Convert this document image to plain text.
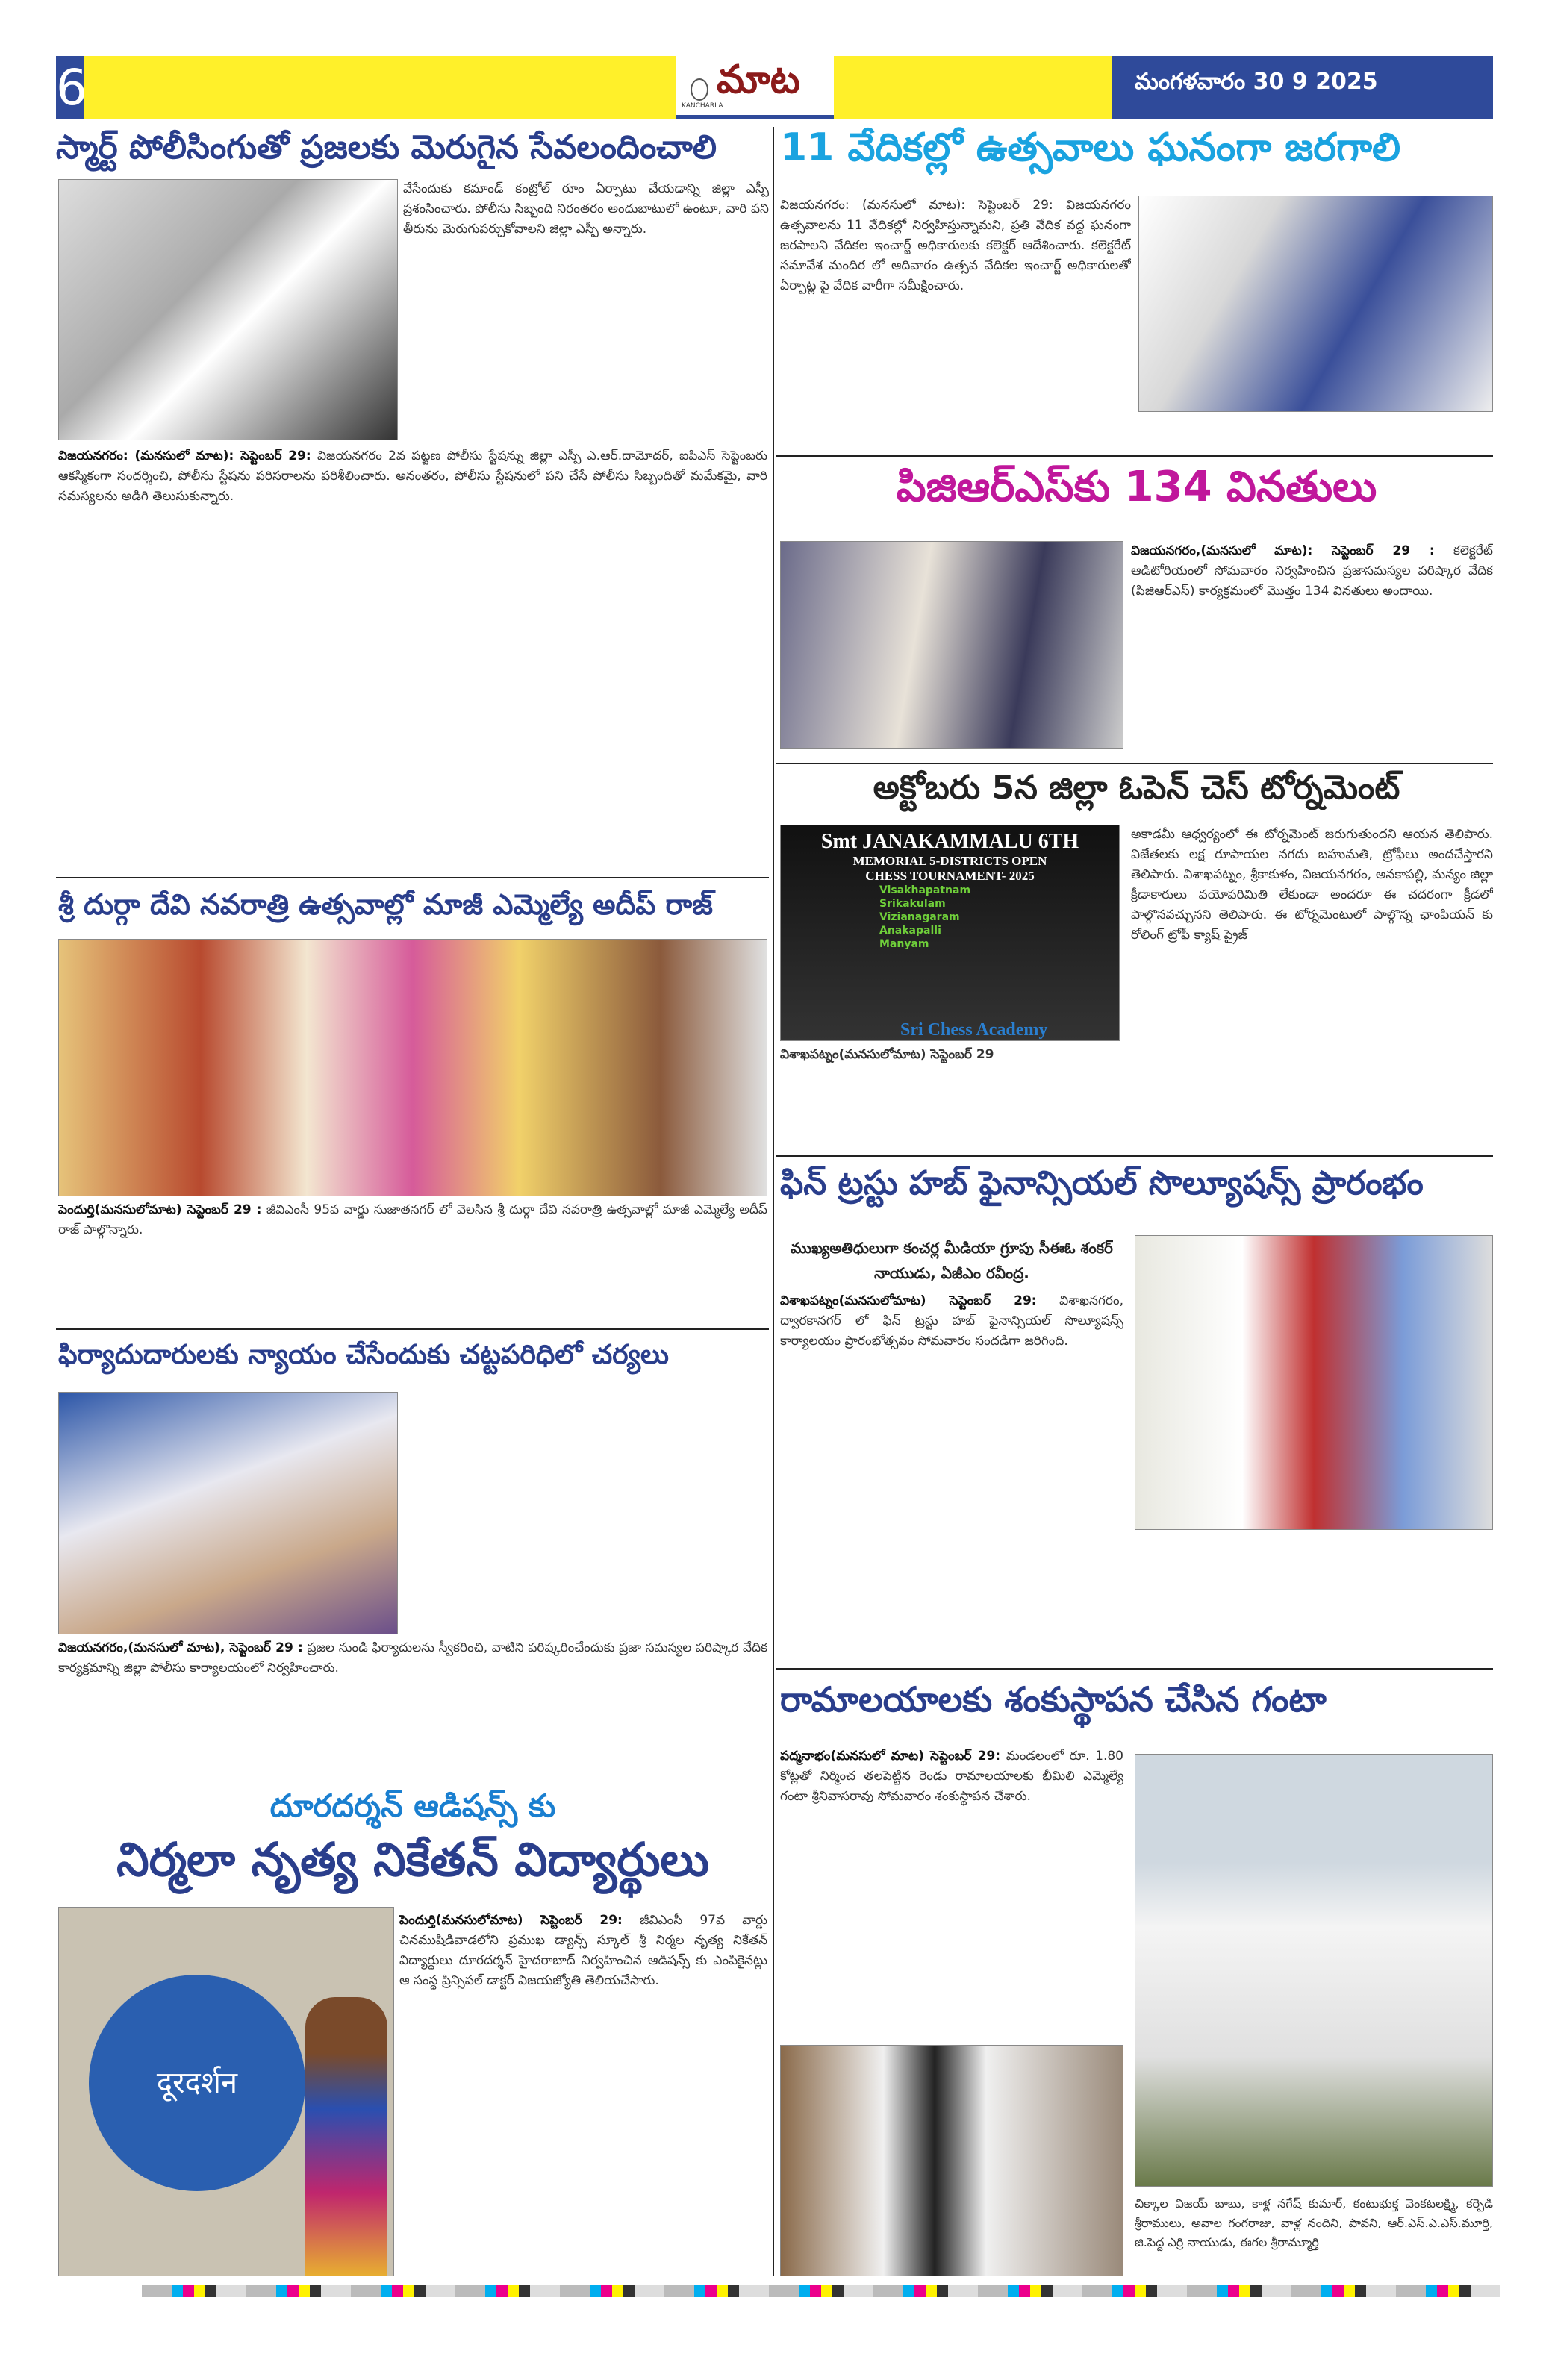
6	మాట
KANCHARLA
మంగళవారం 30 9 2025
స్మార్ట్ పోలీసింగుతో ప్రజలకు మెరుగైన సేవలందించాలి
వేసేందుకు కమాండ్ కంట్రోల్ రూం ఏర్పాటు చేయడాన్ని జిల్లా ఎస్పీ ప్రశంసించారు. పోలీసు సిబ్బంది నిరంతరం అందుబాటులో ఉంటూ, వారి పని తీరును మెరుగుపర్చుకోవాలని జిల్లా ఎస్పీ అన్నారు.
విజయనగరం: (మనసులో మాట): సెప్టెంబర్ 29: విజయనగరం 2వ పట్టణ పోలీసు స్టేషన్ను జిల్లా ఎస్పీ ఎ.ఆర్.దామోదర్, ఐపిఎస్ సెప్టెంబరు ఆకస్మికంగా సందర్శించి, పోలీసు స్టేషను పరిసరాలను పరిశీలించారు. అనంతరం, పోలీసు స్టేషనులో పని చేసే పోలీసు సిబ్బందితో మమేకమై, వారి సమస్యలను అడిగి తెలుసుకున్నారు.
శ్రీ దుర్గా దేవి నవరాత్రి ఉత్సవాల్లో మాజీ ఎమ్మెల్యే అదీప్ రాజ్
పెందుర్తి(మనసులోమాట) సెప్టెంబర్ 29 : జీవిఎంసీ 95వ వార్డు సుజాతనగర్ లో వెలసిన శ్రీ దుర్గా దేవి నవరాత్రి ఉత్సవాల్లో మాజీ ఎమ్మెల్యే అదీప్ రాజ్ పాల్గొన్నారు.
ఫిర్యాదుదారులకు న్యాయం చేసేందుకు చట్టపరిధిలో చర్యలు
విజయనగరం,(మనసులో మాట), సెప్టెంబర్ 29 : ప్రజల నుండి ఫిర్యాదులను స్వీకరించి, వాటిని పరిష్కరించేందుకు ప్రజా సమస్యల పరిష్కార వేదిక కార్యక్రమాన్ని జిల్లా పోలీసు కార్యాలయంలో నిర్వహించారు.
దూరదర్శన్ ఆడిషన్స్ కు
నిర్మలా నృత్య నికేతన్ విద్యార్థులు
दूरदर्शन
పెందుర్తి(మనసులోమాట) సెప్టెంబర్ 29: జీవిఎంసీ 97వ వార్డు చినముషిడివాడలోని ప్రముఖ డ్యాన్స్ స్కూల్ శ్రీ నిర్మల నృత్య నికేతన్ విద్యార్థులు దూరదర్శన్ హైదరాబాద్ నిర్వహించిన ఆడిషన్స్ కు ఎంపికైనట్లు ఆ సంస్థ ప్రిన్సిపల్ డాక్టర్ విజయజ్యోతి తెలియచేసారు.
11 వేదికల్లో ఉత్సవాలు ఘనంగా జరగాలి
విజయనగరం: (మనసులో మాట): సెప్టెంబర్ 29: విజయనగరం ఉత్సవాలను 11 వేదికల్లో నిర్వహిస్తున్నామని, ప్రతి వేదిక వద్ద ఘనంగా జరపాలని వేదికల ఇంచార్జ్ అధికారులకు కలెక్టర్ ఆదేశించారు. కలెక్టరేట్ సమావేశ మందిర లో ఆదివారం ఉత్సవ వేదికల ఇంచార్జ్ అధికారులతో ఏర్పాట్ల పై వేదిక వారీగా సమీక్షించారు.
పిజిఆర్ఎస్‌కు 134 వినతులు
విజయనగరం,(మనసులో మాట): సెప్టెంబర్ 29 : కలెక్టరేట్ ఆడిటోరియంలో సోమవారం నిర్వహించిన ప్రజాసమస్యల పరిష్కార వేదిక (పిజిఆర్ఎస్) కార్యక్రమంలో మొత్తం 134 వినతులు అందాయి.
అక్టోబరు 5న జిల్లా ఓపెన్ చెస్ టోర్నమెంట్
Smt JANAKAMMALU 6TH
MEMORIAL 5-DISTRICTS OPEN
CHESS TOURNAMENT- 2025
Visakhapatnam
Srikakulam
Vizianagaram
Anakapalli
Manyam
Sri Chess Academy
అకాడమీ ఆధ్వర్యంలో ఈ టోర్నమెంట్ జరుగుతుందని ఆయన తెలిపారు. విజేతలకు లక్ష రూపాయల నగదు బహుమతి, ట్రోఫీలు అందచేస్తారని తెలిపారు. విశాఖపట్నం, శ్రీకాకుళం, విజయనగరం, అనకాపల్లి, మన్యం జిల్లా క్రీడాకారులు వయోపరిమితి లేకుండా అందరూ ఈ చదరంగా క్రీడలో పాల్గొనవచ్చునని తెలిపారు. ఈ టోర్నమెంటులో పాల్గొన్న ఛాంపియన్ కు రోలింగ్ ట్రోఫీ క్యాష్ ప్రైజ్
విశాఖపట్నం(మనసులోమాట) సెప్టెంబర్ 29
ఫిన్ ట్రస్టు హబ్ ఫైనాన్సియల్ సొల్యూషన్స్ ప్రారంభం
ముఖ్యఅతిధులుగా కంచర్ల మీడియా గ్రూపు సీఈఓ శంకర్ నాయుడు, ఏజీఎం రవీంద్ర.
విశాఖపట్నం(మనసులోమాట) సెప్టెంబర్ 29: విశాఖనగరం, ద్వారకానగర్ లో ఫిన్ ట్రస్టు హబ్ ఫైనాన్సియల్ సొల్యూషన్స్ కార్యాలయం ప్రారంభోత్సవం సోమవారం సందడిగా జరిగింది.
రామాలయాలకు శంకుస్థాపన చేసిన గంటా
పద్మనాభం(మనసులో మాట) సెప్టెంబర్ 29: మండలంలో రూ. 1.80 కోట్లతో నిర్మించ తలపెట్టిన రెండు రామాలయాలకు భీమిలి ఎమ్మెల్యే గంటా శ్రీనివాసరావు సోమవారం శంకుస్థాపన చేశారు.
చిక్కాల విజయ్ బాబు, కాళ్ల నగేష్ కుమార్, కంటుభుక్త వెంకటలక్ష్మి, కర్పెడి శ్రీరాములు, అవాల గంగరాజు, వాళ్ల నందిని, పావని, ఆర్.ఎస్.ఎ.ఎస్.మూర్తి, జి.పెద్ద ఎర్రి నాయుడు, ఈగల శ్రీరామ్మూర్తి
